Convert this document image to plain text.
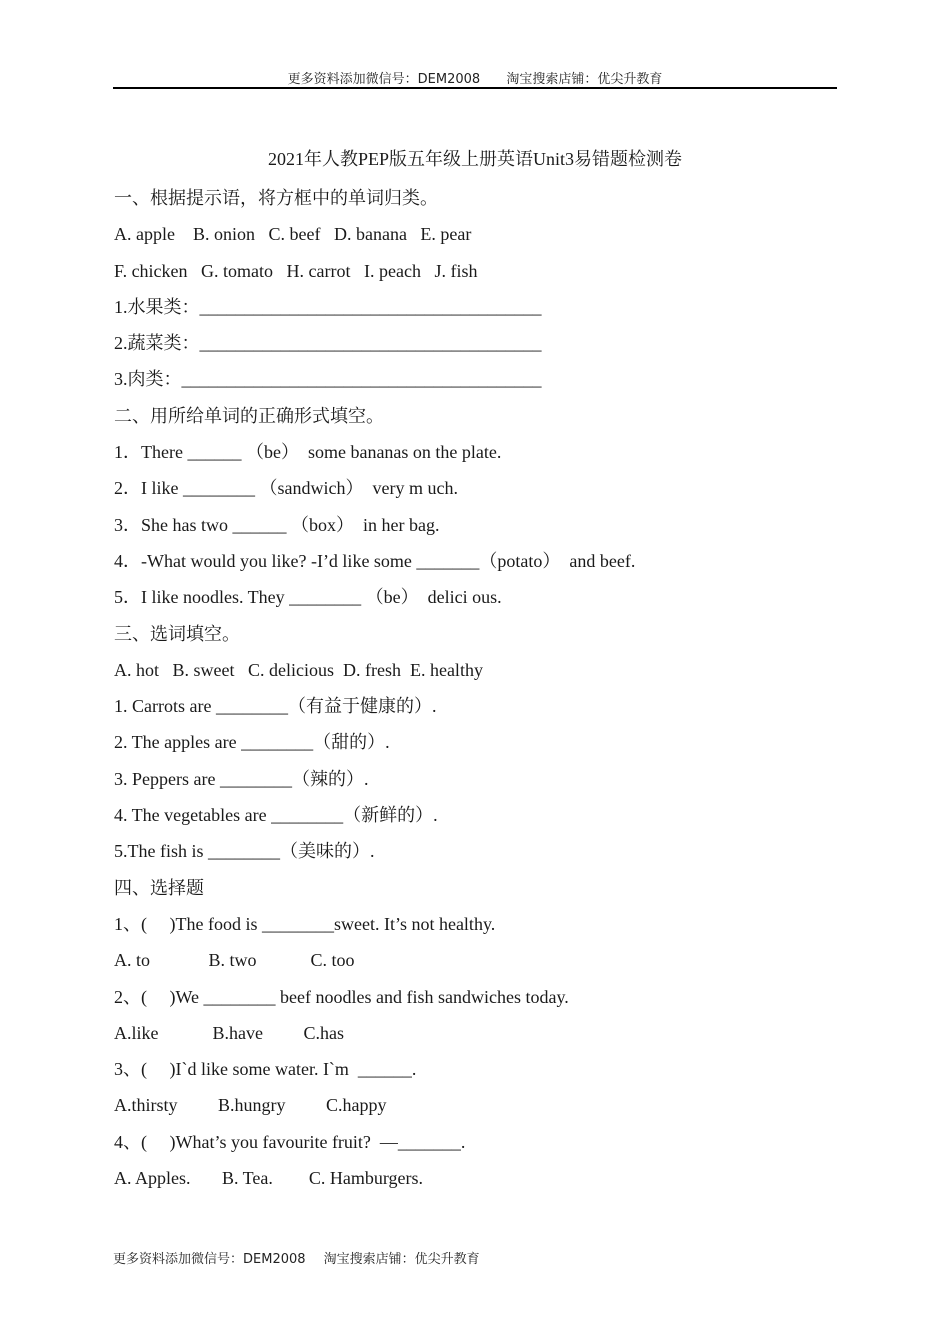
更多资料添加微信号：DEM2008 淘宝搜索店铺：优尖升教育
2021年人教PEP版五年级上册英语Unit3易错题检测卷
一、根据提示语，将方框中的单词归类。
A. apple    B. onion   C. beef   D. banana   E. pear
F. chicken   G. tomato   H. carrot   I. peach   J. fish
1.水果类：______________________________________
2.蔬菜类：______________________________________
3.肉类：________________________________________
二、用所给单词的正确形式填空。
1．There ______ （be）  some bananas on the plate.
2．I like ________ （sandwich）  very m uch.
3．She has two ______ （box）  in her bag.
4．-What would you like? -I’d like some _______（potato）  and beef.
5．I like noodles. They ________ （be）  delici ous.
三、选词填空。
A. hot   B. sweet   C. delicious  D. fresh  E. healthy
1. Carrots are ________（有益于健康的）.
2. The apples are ________（甜的）.
3. Peppers are ________（辣的）.
4. The vegetables are ________（新鲜的）.
5.The fish is ________（美味的）.
四、选择题
1、(     )The food is ________sweet. It’s not healthy.
A. to             B. two            C. too
2、(     )We ________ beef noodles and fish sandwiches today.
A.like            B.have         C.has
3、(     )I`d like some water. I`m  ______.
A.thirsty         B.hungry         C.happy
4、(     )What’s you favourite fruit?  —_______.
A. Apples.       B. Tea.        C. Hamburgers.
更多资料添加微信号：DEM2008 淘宝搜索店铺：优尖升教育
